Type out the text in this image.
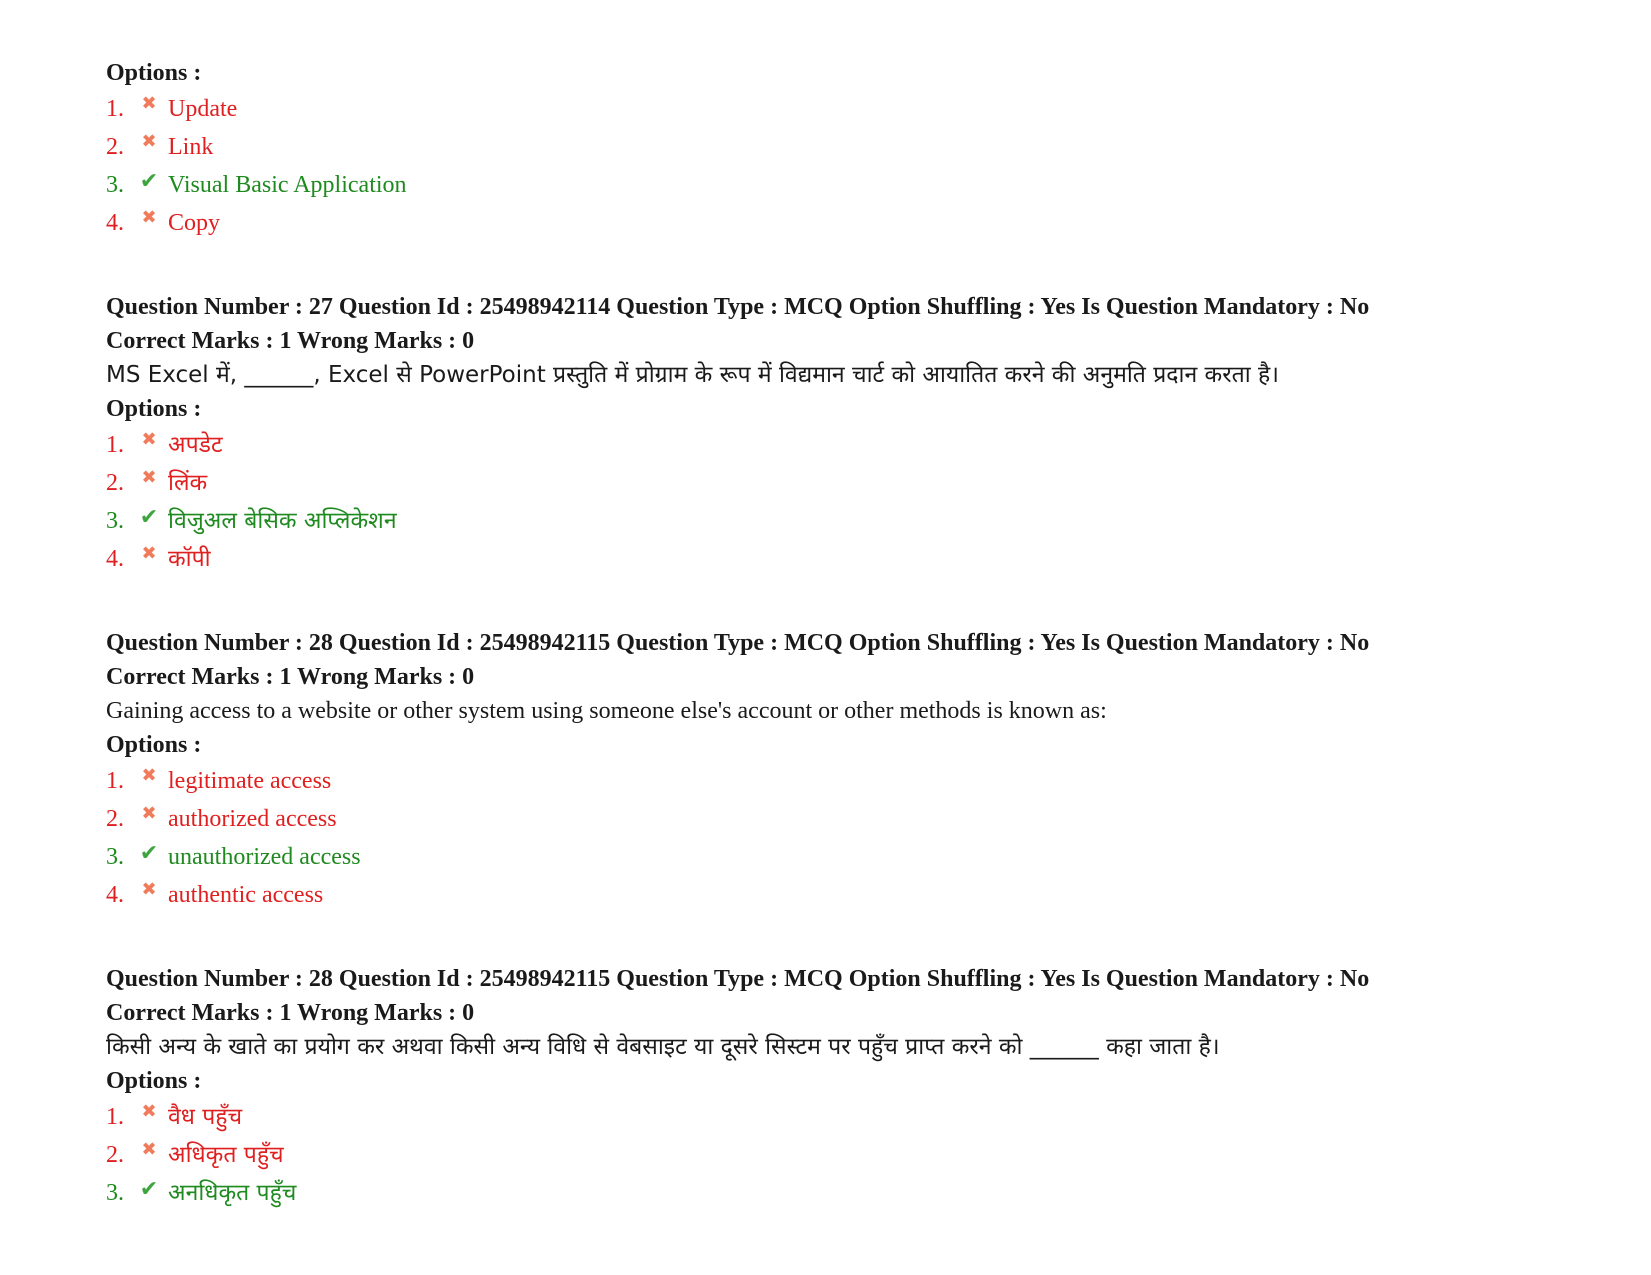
Options :
1. ✖ Update
2. ✖ Link
3. ✔ Visual Basic Application
4. ✖ Copy
Question Number : 27 Question Id : 25498942114 Question Type : MCQ Option Shuffling : Yes Is Question Mandatory : No
Correct Marks : 1 Wrong Marks : 0
MS Excel में, ______, Excel से PowerPoint प्रस्तुति में प्रोग्राम के रूप में विद्यमान चार्ट को आयातित करने की अनुमति प्रदान करता है।
Options :
1. ✖ अपडेट
2. ✖ लिंक
3. ✔ विजुअल बेसिक अप्लिकेशन
4. ✖ कॉपी
Question Number : 28 Question Id : 25498942115 Question Type : MCQ Option Shuffling : Yes Is Question Mandatory : No
Correct Marks : 1 Wrong Marks : 0
Gaining access to a website or other system using someone else's account or other methods is known as:
Options :
1. ✖ legitimate access
2. ✖ authorized access
3. ✔ unauthorized access
4. ✖ authentic access
Question Number : 28 Question Id : 25498942115 Question Type : MCQ Option Shuffling : Yes Is Question Mandatory : No
Correct Marks : 1 Wrong Marks : 0
किसी अन्य के खाते का प्रयोग कर अथवा किसी अन्य विधि से वेबसाइट या दूसरे सिस्टम पर पहुँच प्राप्त करने को ______ कहा जाता है।
Options :
1. ✖ वैध पहुँच
2. ✖ अधिकृत पहुँच
3. ✔ अनधिकृत पहुँच
